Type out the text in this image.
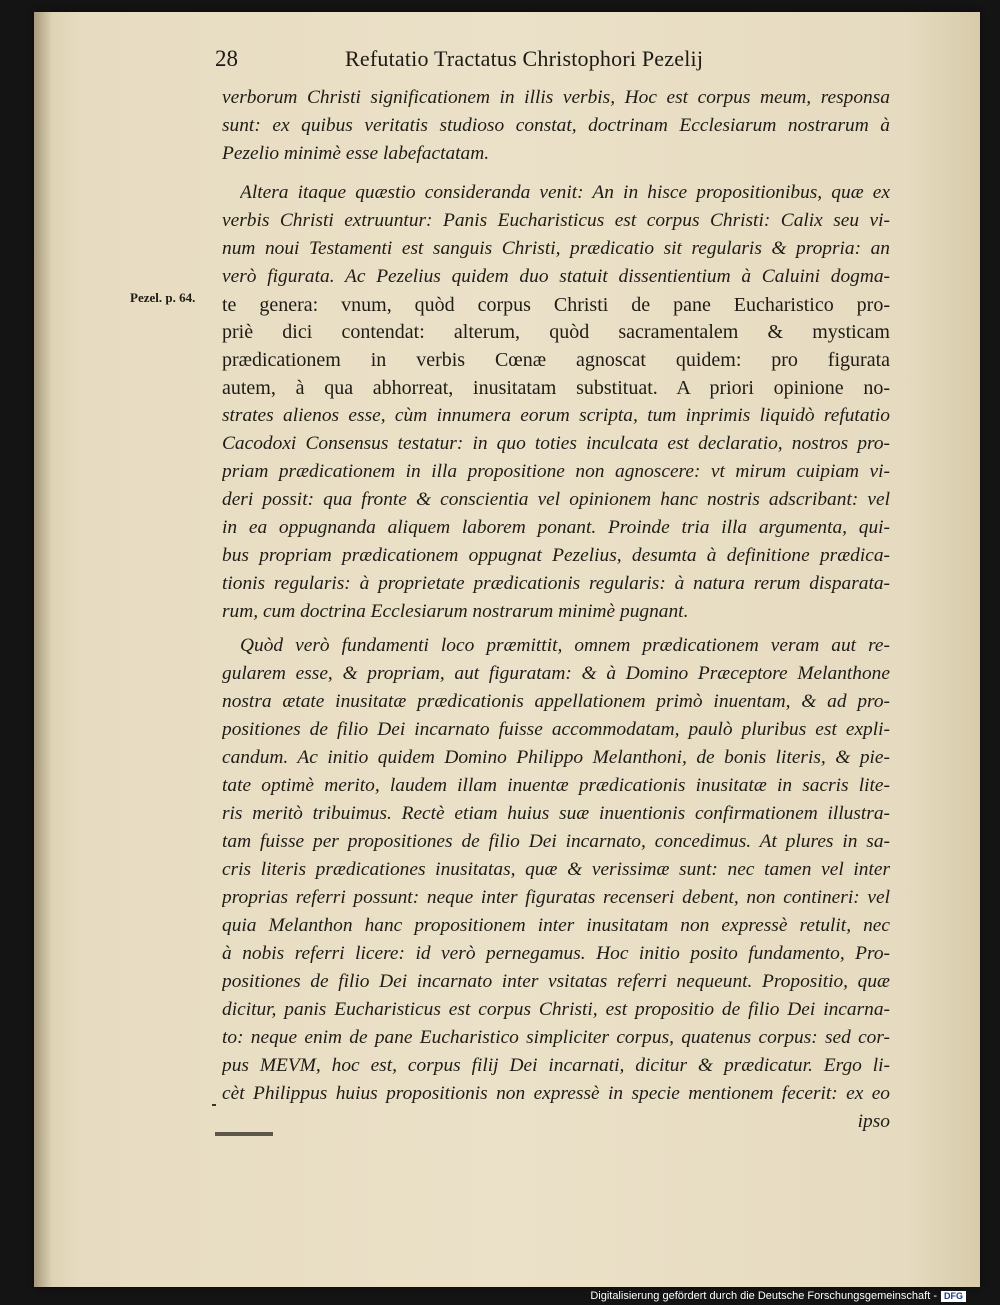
28	Refutatio Tractatus Christophori Pezelij
Pezel. p. 64.
verborum Christi significationem in illis verbis, Hoc est corpus meum, responsa
sunt: ex quibus veritatis studioso constat, doctrinam Ecclesiarum nostrarum à
Pezelio minimè esse labefactatam.
Altera itaque quæstio consideranda venit: An in hisce propositionibus, quæ ex
verbis Christi extruuntur: Panis Eucharisticus est corpus Christi: Calix seu vi-
num noui Testamenti est sanguis Christi, prædicatio sit regularis & propria: an
verò figurata. Ac Pezelius quidem duo statuit dissentientium à Caluini dogma-
te genera: vnum, quòd corpus Christi de pane Eucharistico pro-
priè dici contendat: alterum, quòd sacramentalem & mysticam
prædicationem in verbis Cœnæ agnoscat quidem: pro figurata
autem, à qua abhorreat, inusitatam substituat. A priori opinione no-
strates alienos esse, cùm innumera eorum scripta, tum inprimis liquidò refutatio
Cacodoxi Consensus testatur: in quo toties inculcata est declaratio, nostros pro-
priam prædicationem in illa propositione non agnoscere: vt mirum cuipiam vi-
deri possit: qua fronte & conscientia vel opinionem hanc nostris adscribant: vel
in ea oppugnanda aliquem laborem ponant. Proinde tria illa argumenta, qui-
bus propriam prædicationem oppugnat Pezelius, desumta à definitione prædica-
tionis regularis: à proprietate prædicationis regularis: à natura rerum disparata-
rum, cum doctrina Ecclesiarum nostrarum minimè pugnant.
Quòd verò fundamenti loco præmittit, omnem prædicationem veram aut re-
gularem esse, & propriam, aut figuratam: & à Domino Præceptore Melanthone
nostra ætate inusitatæ prædicationis appellationem primò inuentam, & ad pro-
positiones de filio Dei incarnato fuisse accommodatam, paulò pluribus est expli-
candum. Ac initio quidem Domino Philippo Melanthoni, de bonis literis, & pie-
tate optimè merito, laudem illam inuentæ prædicationis inusitatæ in sacris lite-
ris meritò tribuimus. Rectè etiam huius suæ inuentionis confirmationem illustra-
tam fuisse per propositiones de filio Dei incarnato, concedimus. At plures in sa-
cris literis prædicationes inusitatas, quæ & verissimæ sunt: nec tamen vel inter
proprias referri possunt: neque inter figuratas recenseri debent, non contineri: vel
quia Melanthon hanc propositionem inter inusitatam non expressè retulit, nec
à nobis referri licere: id verò pernegamus. Hoc initio posito fundamento, Pro-
positiones de filio Dei incarnato inter vsitatas referri nequeunt. Propositio, quæ
dicitur, panis Eucharisticus est corpus Christi, est propositio de filio Dei incarna-
to: neque enim de pane Eucharistico simpliciter corpus, quatenus corpus: sed cor-
pus MEVM, hoc est, corpus filij Dei incarnati, dicitur & prædicatur. Ergo li-
cèt Philippus huius propositionis non expressè in specie mentionem fecerit: ex eo
ipso
Digitalisierung gefördert durch die Deutsche Forschungsgemeinschaft - DFG
